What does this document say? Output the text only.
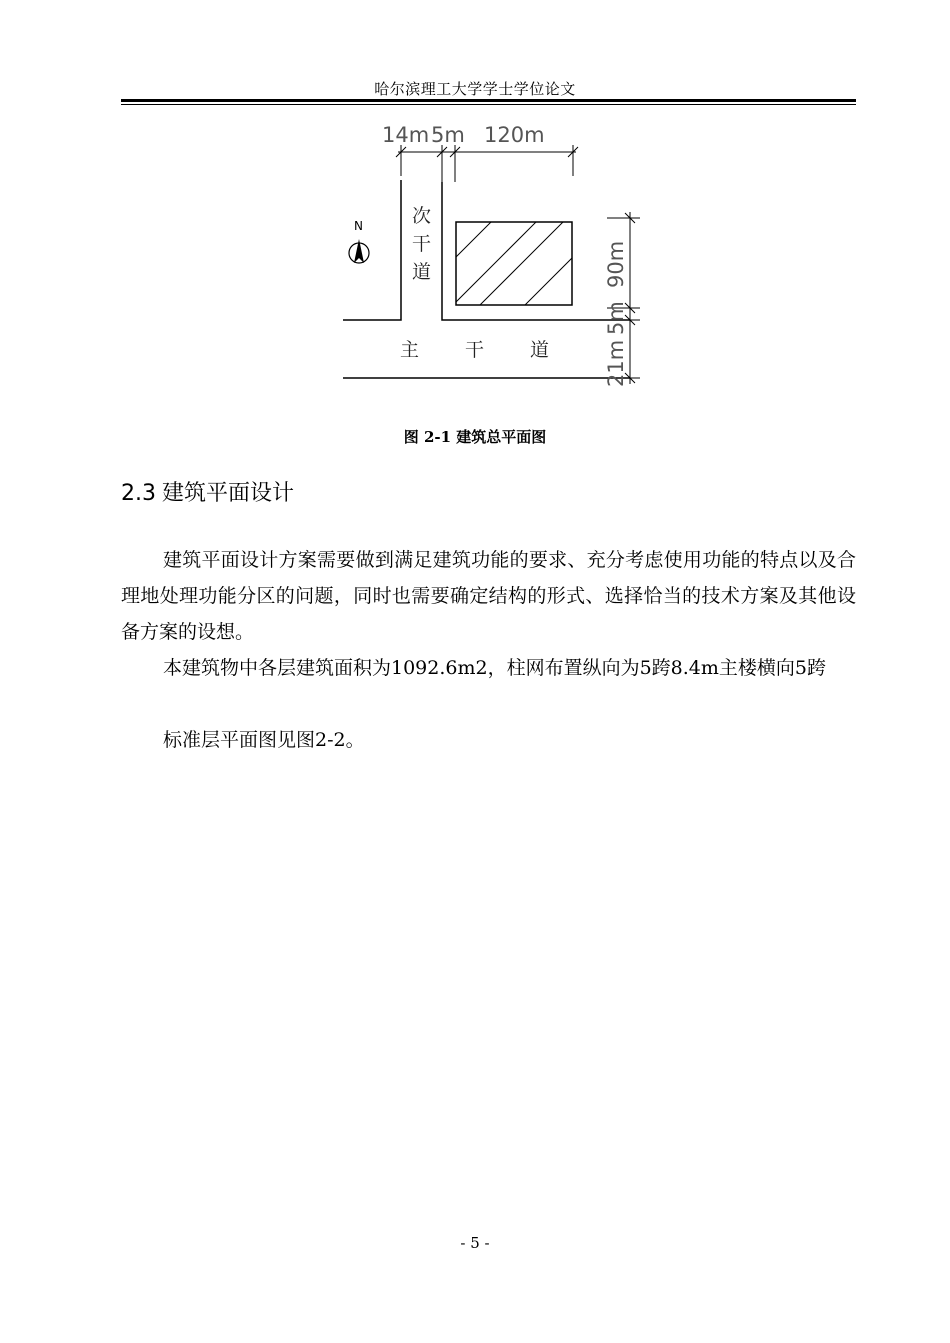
哈尔滨理工大学学士学位论文
14m 5m 120m
N	次
干
道
主 干 道
90m
5m
21m
图 2-1 建筑总平面图
2.3 建筑平面设计

建筑平面设计方案需要做到满足建筑功能的要求、充分考虑使用功能的特点以及合理地处理功能分区的问题，同时也需要确定结构的形式、选择恰当的技术方案及其他设备方案的设想。

本建筑物中各层建筑面积为1092.6m2，柱网布置纵向为5跨8.4m主楼横向5跨

标准层平面图见图2-2。

- 5 -
